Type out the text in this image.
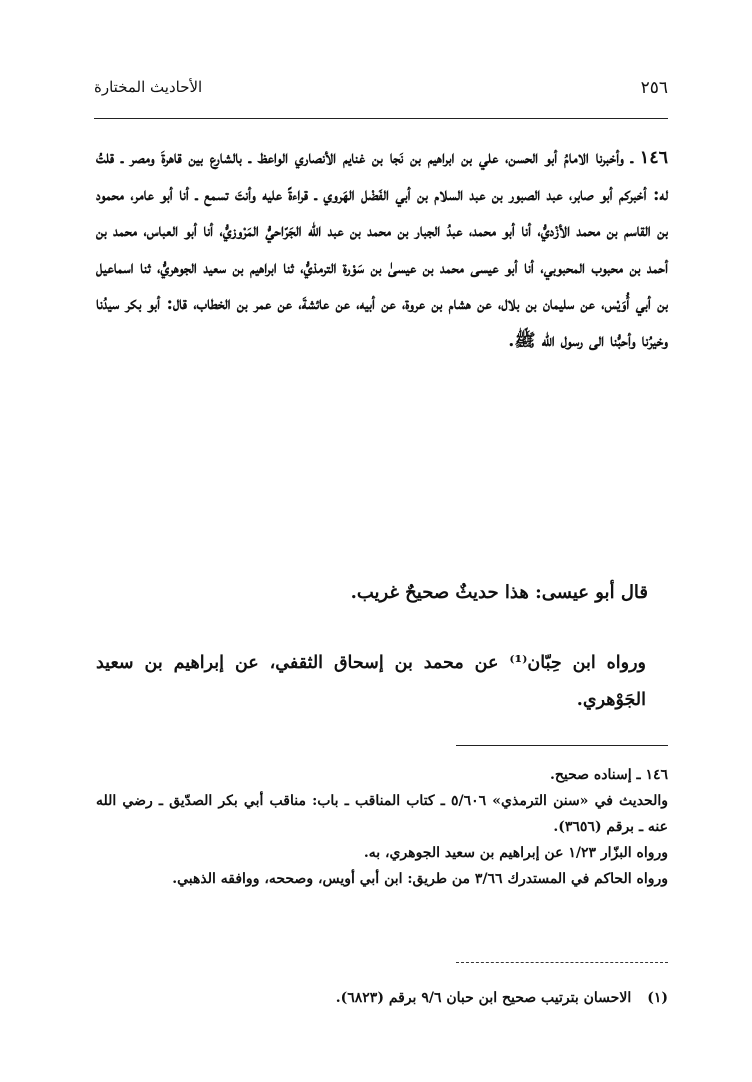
٢٥٦
الأحاديث المختارة

١٤٦ ـ وأخبرنا الامامُ أبو الحسن، علي بن ابراهيم بن نَجا بن غنايم الأنصاري الواعظ ـ بالشارع بين قاهرةَ ومصر ـ قلتُ له: أخبركم أبو صابر، عبد الصبور بن عبد السلام بن أبي الفَضْل الهَروي ـ قراءةً عليه وأنتَ تسمع ـ أنا أبو عامر، محمود بن القاسم بن محمد الأزْديُّ، أنا أبو محمد، عبدُ الجبار بن محمد بن عبد الله الجَرّاحيُّ المَرْوزيُّ، أنا أبو العباس، محمد بن أحمد بن محبوب المحبوبي، أنا أبو عيسى محمد بن عيسىٰ بن سَوْرة الترمذيُّ، ثنا ابراهيم بن سعيد الجوهريُّ، ثنا اسماعيل بن أبي أُوَيْس، عن سليمان بن بلال، عن هشام بن عروة، عن أبيه، عن عائشةَ، عن عمر بن الخطاب، قال: أبو بكر سيدُنا وخيرُنا وأحبُّنا الى رسول الله ﷺ.

قال أبو عيسى: هذا حديثٌ صحيحٌ غريب.
ورواه ابن حِبّان⁽¹⁾ عن محمد بن إسحاق الثقفي، عن إبراهيم بن سعيد الجَوْهري.

١٤٦ ـ إسناده صحيح.

والحديث في «سنن الترمذي» ٥/٦٠٦ ـ كتاب المناقب ـ باب: مناقب أبي بكر الصدّيق ـ رضي الله عنه ـ برقم (٣٦٥٦).

ورواه البزّار ١/٢٣ عن إبراهيم بن سعيد الجوهري، به.

ورواه الحاكم في المستدرك ٣/٦٦ من طريق: ابن أبي أويس، وصححه، ووافقه الذهبي.

(١)الاحسان بترتيب صحيح ابن حبان ٩/٦ برقم (٦٨٢٣).
